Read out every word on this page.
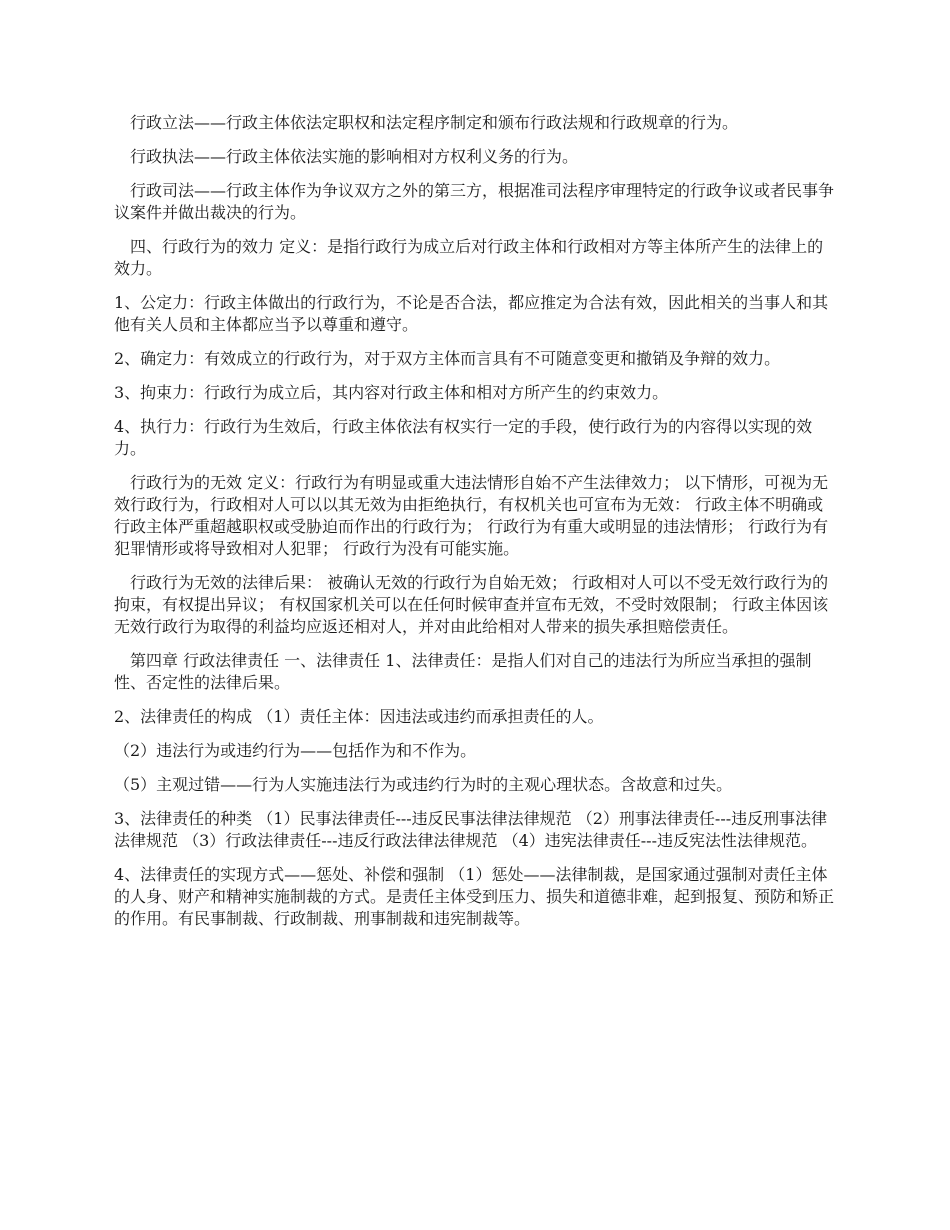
　行政立法——行政主体依法定职权和法定程序制定和颁布行政法规和行政规章的行为。

　行政执法——行政主体依法实施的影响相对方权利义务的行为。

　行政司法——行政主体作为争议双方之外的第三方，根据准司法程序审理特定的行政争议或者民事争议案件并做出裁决的行为。

　四、行政行为的效力 定义：是指行政行为成立后对行政主体和行政相对方等主体所产生的法律上的效力。

1、公定力：行政主体做出的行政行为，不论是否合法，都应推定为合法有效，因此相关的当事人和其他有关人员和主体都应当予以尊重和遵守。

2、确定力：有效成立的行政行为，对于双方主体而言具有不可随意变更和撤销及争辩的效力。

3、拘束力：行政行为成立后，其内容对行政主体和相对方所产生的约束效力。

4、执行力：行政行为生效后，行政主体依法有权实行一定的手段，使行政行为的内容得以实现的效力。

　行政行为的无效 定义：行政行为有明显或重大违法情形自始不产生法律效力； 以下情形，可视为无效行政行为，行政相对人可以以其无效为由拒绝执行，有权机关也可宣布为无效： 行政主体不明确或行政主体严重超越职权或受胁迫而作出的行政行为； 行政行为有重大或明显的违法情形； 行政行为有犯罪情形或将导致相对人犯罪； 行政行为没有可能实施。

　行政行为无效的法律后果： 被确认无效的行政行为自始无效； 行政相对人可以不受无效行政行为的拘束，有权提出异议； 有权国家机关可以在任何时候审查并宣布无效，不受时效限制； 行政主体因该无效行政行为取得的利益均应返还相对人，并对由此给相对人带来的损失承担赔偿责任。

　第四章 行政法律责任 一、法律责任 1、法律责任：是指人们对自己的违法行为所应当承担的强制性、否定性的法律后果。

2、法律责任的构成 （1）责任主体：因违法或违约而承担责任的人。

（2）违法行为或违约行为——包括作为和不作为。

（5）主观过错——行为人实施违法行为或违约行为时的主观心理状态。含故意和过失。

3、法律责任的种类 （1）民事法律责任---违反民事法律法律规范 （2）刑事法律责任---违反刑事法律法律规范 （3）行政法律责任---违反行政法律法律规范 （4）违宪法律责任---违反宪法性法律规范。

4、法律责任的实现方式——惩处、补偿和强制 （1）惩处——法律制裁，是国家通过强制对责任主体的人身、财产和精神实施制裁的方式。是责任主体受到压力、损失和道德非难，起到报复、预防和矫正的作用。有民事制裁、行政制裁、刑事制裁和违宪制裁等。
